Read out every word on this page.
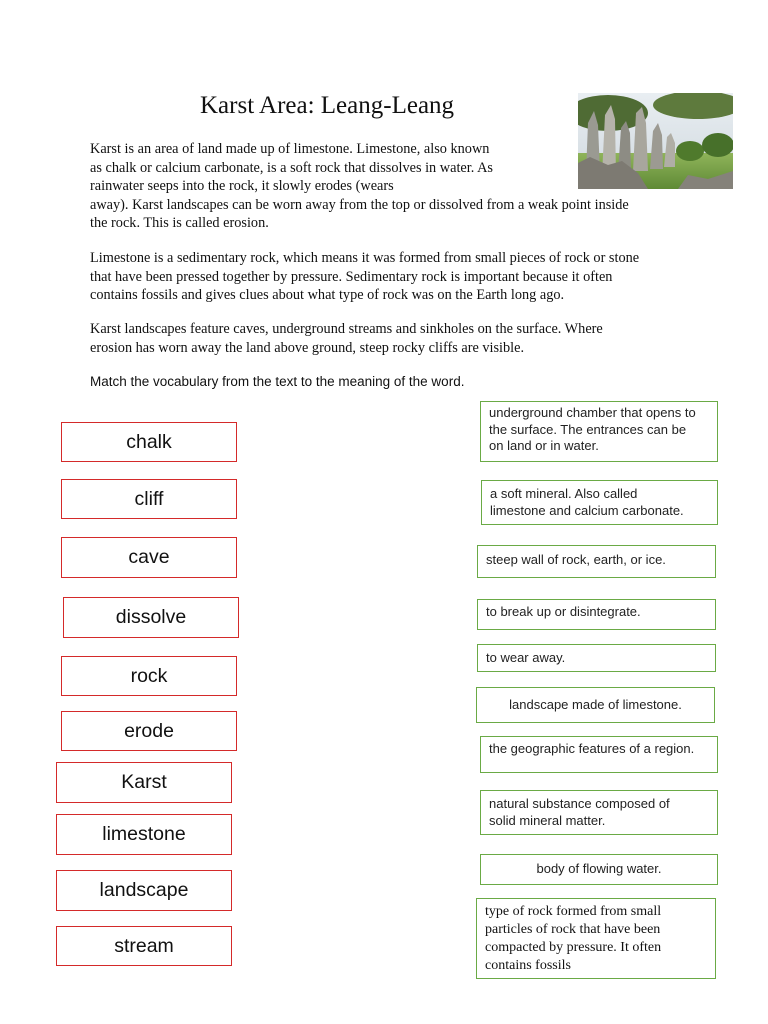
Karst Area: Leang-Leang
Karst is an area of land made up of limestone. Limestone, also known
as chalk or calcium carbonate, is a soft rock that dissolves in water. As
rainwater seeps into the rock, it slowly erodes (wears
away). Karst landscapes can be worn away from the top or dissolved from a weak point inside
the rock. This is called erosion.
Limestone is a sedimentary rock, which means it was formed from small pieces of rock or stone
that have been pressed together by pressure. Sedimentary rock is important because it often
contains fossils and gives clues about what type of rock was on the Earth long ago.
Karst landscapes feature caves, underground streams and sinkholes on the surface. Where
erosion has worn away the land above ground, steep rocky cliffs are visible.
Match the vocabulary from the text to the meaning of the word.
chalk
cliff
cave
dissolve
rock
erode
Karst
limestone
landscape
stream
underground chamber that opens to
the surface. The entrances can be
on land or in water.
a soft mineral. Also called
limestone and calcium carbonate.
steep wall of rock, earth, or ice.
to break up or disintegrate.
to wear away.
landscape made of limestone.
the geographic features of a region.
natural substance composed of
solid mineral matter.
body of flowing water.
type of rock formed from small
particles of rock that have been
compacted by pressure. It often
contains fossils
